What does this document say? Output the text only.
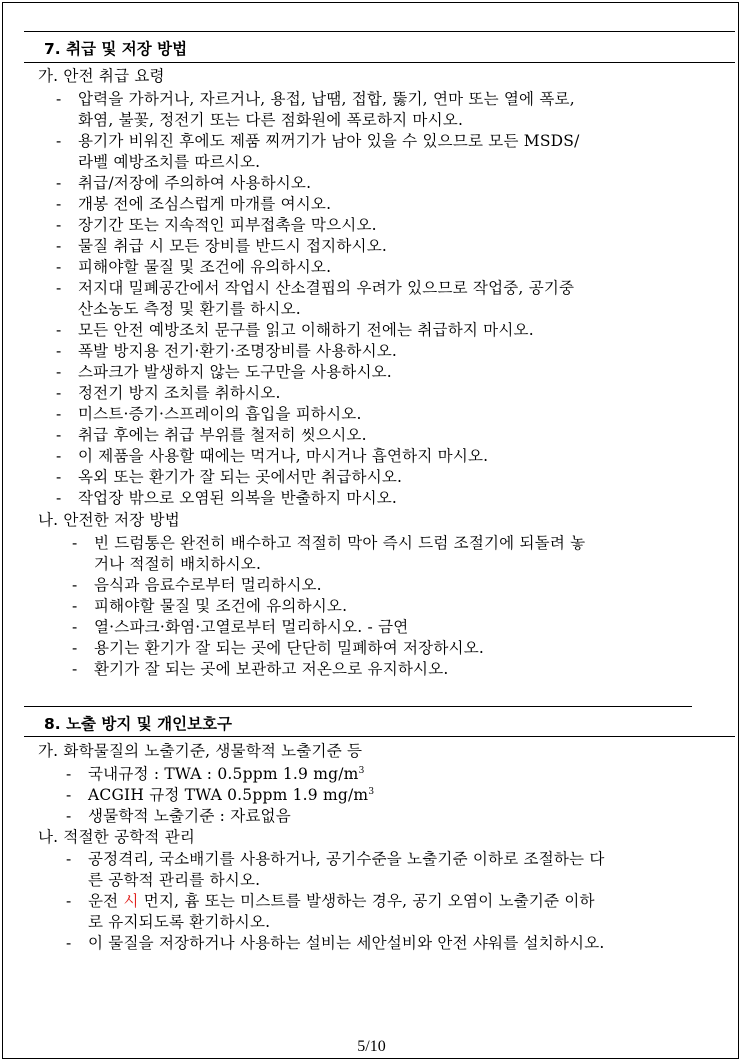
7. 취급 및 저장 방법
가. 안전 취급 요령
- 압력을 가하거나, 자르거나, 용접, 납땜, 접합, 뚫기, 연마 또는 열에 폭로,
화염, 불꽃, 정전기 또는 다른 점화원에 폭로하지 마시오.
- 용기가 비워진 후에도 제품 찌꺼기가 남아 있을 수 있으므로 모든 MSDS/
라벨 예방조치를 따르시오.
- 취급/저장에 주의하여 사용하시오.
- 개봉 전에 조심스럽게 마개를 여시오.
- 장기간 또는 지속적인 피부접촉을 막으시오.
- 물질 취급 시 모든 장비를 반드시 접지하시오.
- 피해야할 물질 및 조건에 유의하시오.
- 저지대 밀폐공간에서 작업시 산소결핍의 우려가 있으므로 작업중, 공기중
산소농도 측정 및 환기를 하시오.
- 모든 안전 예방조치 문구를 읽고 이해하기 전에는 취급하지 마시오.
- 폭발 방지용 전기·환기·조명장비를 사용하시오.
- 스파크가 발생하지 않는 도구만을 사용하시오.
- 정전기 방지 조치를 취하시오.
- 미스트·증기·스프레이의 흡입을 피하시오.
- 취급 후에는 취급 부위를 철저히 씻으시오.
- 이 제품을 사용할 때에는 먹거나, 마시거나 흡연하지 마시오.
- 옥외 또는 환기가 잘 되는 곳에서만 취급하시오.
- 작업장 밖으로 오염된 의복을 반출하지 마시오.
나. 안전한 저장 방법
- 빈 드럼통은 완전히 배수하고 적절히 막아 즉시 드럼 조절기에 되돌려 놓
거나 적절히 배치하시오.
- 음식과 음료수로부터 멀리하시오.
- 피해야할 물질 및 조건에 유의하시오.
- 열·스파크·화염·고열로부터 멀리하시오. - 금연
- 용기는 환기가 잘 되는 곳에 단단히 밀폐하여 저장하시오.
- 환기가 잘 되는 곳에 보관하고 저온으로 유지하시오.
8. 노출 방지 및 개인보호구
가. 화학물질의 노출기준, 생물학적 노출기준 등
- 국내규정 : TWA : 0.5ppm 1.9 $mg/m^3$
- ACGIH 규정 TWA 0.5ppm 1.9 $mg/m^3$
- 생물학적 노출기준 : 자료없음
나. 적절한 공학적 관리
- 공정격리, 국소배기를 사용하거나, 공기수준을 노출기준 이하로 조절하는 다
른 공학적 관리를 하시오.
- 운전 시 먼지, 흄 또는 미스트를 발생하는 경우, 공기 오염이 노출기준 이하
로 유지되도록 환기하시오.
- 이 물질을 저장하거나 사용하는 설비는 세안설비와 안전 샤워를 설치하시오.
5/10
